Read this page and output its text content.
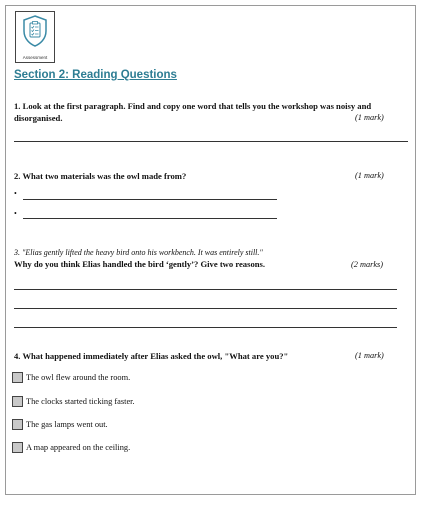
Assessment
Section 2: Reading Questions
1. Look at the first paragraph. Find and copy one word that tells you the workshop was noisy and
disorganised.	(1 mark)
2. What two materials was the owl made from?	(1 mark)
•
•
3. "Elias gently lifted the heavy bird onto his workbench. It was entirely still."
Why do you think Elias handled the bird ‘gently’? Give two reasons.	(2 marks)
4. What happened immediately after Elias asked the owl, "What are you?"	(1 mark)
The owl flew around the room.
The clocks started ticking faster.
The gas lamps went out.
A map appeared on the ceiling.
